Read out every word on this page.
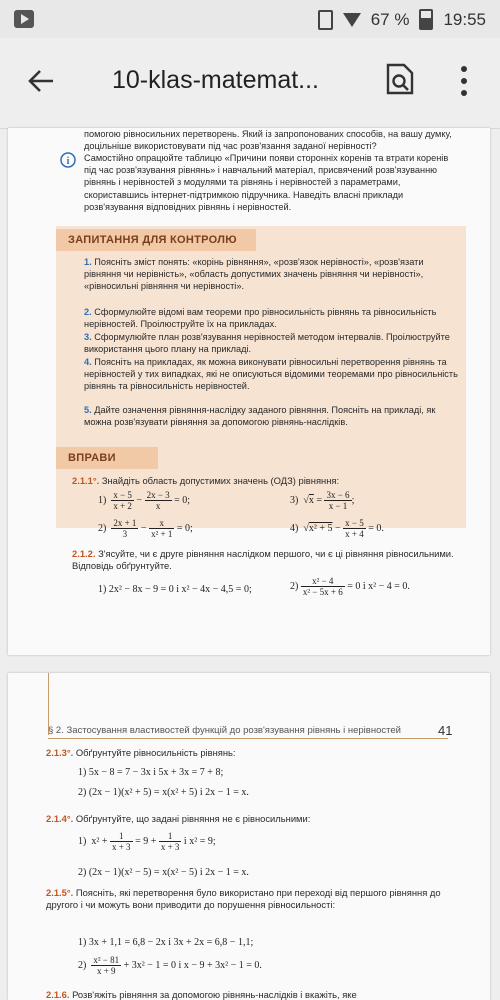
67 % 19:55
10-klas-matemat...
помогою рівносильних перетворень. Який із запропонованих способів, на вашу думку, доцільніше використовувати під час розв'язання заданої нерівності?
i Самостійно опрацюйте таблицю «Причини появи сторонніх коренів та втрати коренів під час розв'язування рівнянь» і навчальний матеріал, присвячений розв'язуванню рівнянь і нерівностей з модулями та рівнянь і нерівностей з параметрами, скориставшись інтернет-підтримкою підручника. Наведіть власні приклади розв'язування відповідних рівнянь і нерівностей.
ЗАПИТАННЯ ДЛЯ КОНТРОЛЮ
1. Поясніть зміст понять: «корінь рівняння», «розв'язок нерівності», «розв'язати рівняння чи нерівність», «область допустимих значень рівняння чи нерівності», «рівносильні рівняння чи нерівності».
2. Сформулюйте відомі вам теореми про рівносильність рівнянь та рівносильність нерівностей. Проілюструйте їх на прикладах.
3. Сформулюйте план розв'язування нерівностей методом інтервалів. Проілюструйте використання цього плану на прикладі.
4. Поясніть на прикладах, як можна виконувати рівносильні перетворення рівнянь та нерівностей у тих випадках, які не описуються відомими теоремами про рівносильність рівнянь та рівносильність нерівностей.
5. Дайте означення рівняння-наслідку заданого рівняння. Поясніть на прикладі, як можна розв'язувати рівняння за допомогою рівнянь-наслідків.
ВПРАВИ
2.1.1°. Знайдіть область допустимих значень (ОДЗ) рівняння:
$1) \frac{x - 5}{x + 2} - \frac{2x - 3}{x} = 0$;	3)  $√x = \frac{3x - 6}{x - 1}$ ;
$2) \frac{2x + 1}{3} - \frac{x}{\text{x² + 1}} = 0$;	4)  $√x^2 + 5 - \frac{x - 5}{x + 4} = 0$.
2.1.2. З'ясуйте, чи є друге рівняння наслідком першого, чи є ці рівняння рівносильними. Відповідь обґрунтуйте.
1) 2x² − 8x − 9 = 0 і x² − 4x − 4,5 = 0;	$2) \frac{\text{x² − 4}}{\text{x² − 5x + 6}} = 0$ і x² − 4 = 0.
§ 2. Застосування властивостей функцій до розв'язування рівнянь і нерівностей	41
2.1.3°. Обґрунтуйте рівносильність рівнянь:
1) 5x − 8 = 7 − 3x і 5x + 3x = 7 + 8;
2) (2x − 1)(x² + 5) = x(x² + 5) і 2x − 1 = x.
2.1.4°. Обґрунтуйте, що задані рівняння не є рівносильними:
1) $x^2 + \frac{1}{x + 3} = 9 + \frac{1}{x + 3}$ і x² = 9;
2) (2x − 1)(x² − 5) = x(x² − 5) і 2x − 1 = x.
2.1.5°. Поясніть, які перетворення було використано при переході від першого рівняння до другого і чи можуть вони приводити до порушення рівносильності:
1) 3x + 1,1 = 6,8 − 2x і 3x + 2x = 6,8 − 1,1;
$2) \frac{\text{x² − 81}}{x + 9} + 3x^2 - 1 = 0$ і x − 9 + 3x² − 1 = 0.
2.1.6. Розв'яжіть рівняння за допомогою рівнянь-наслідків і вкажіть, яке
